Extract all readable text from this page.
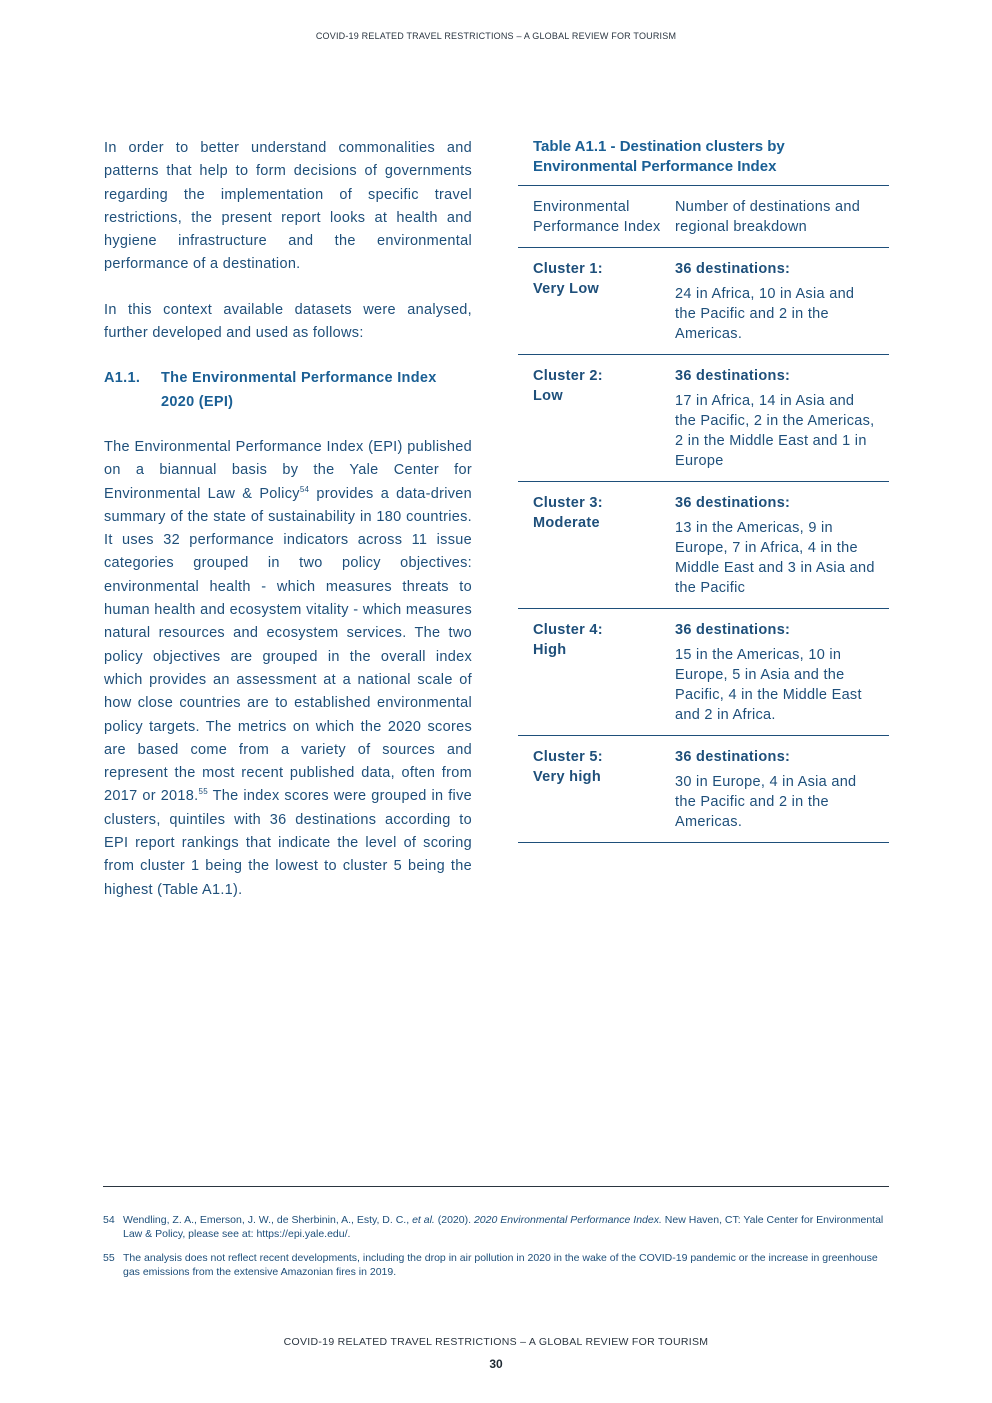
COVID-19 RELATED TRAVEL RESTRICTIONS – A GLOBAL REVIEW FOR TOURISM

In order to better understand commonalities and patterns that help to form decisions of governments regarding the implementation of specific travel restrictions, the present report looks at health and hygiene infrastructure and the environmental performance of a destination.

In this context available datasets were analysed, further developed and used as follows:

A1.1.	The Environmental Performance Index 2020 (EPI)

The Environmental Performance Index (EPI) published on a biannual basis by the Yale Center for Environmental Law & Policy$^{54}$ provides a data-driven summary of the state of sustainability in 180 countries. It uses 32 performance indicators across 11 issue categories grouped in two policy objectives: environmental health - which measures threats to human health and ecosystem vitality - which measures natural resources and ecosystem services. The two policy objectives are grouped in the overall index which provides an assessment at a national scale of how close countries are to established environmental policy targets. The metrics on which the 2020 scores are based come from a variety of sources and represent the most recent published data, often from 2017 or 2018.55 The index scores were grouped in five clusters, quintiles with 36 destinations according to EPI report rankings that indicate the level of scoring from cluster 1 being the lowest to cluster 5 being the highest (Table A1.1).

Table A1.1 - Destination clusters by Environmental Performance Index
Environmental Performance Index	Number of destinations and regional breakdown
Cluster 1:
Very Low	36 destinations:
24 in Africa, 10 in Asia and the Pacific and 2 in the Americas.
Cluster 2:
Low	36 destinations:
17 in Africa, 14 in Asia and the Pacific, 2 in the Americas, 2 in the Middle East and 1 in Europe
Cluster 3:
Moderate	36 destinations:
13 in the Americas, 9 in Europe, 7 in Africa, 4 in the Middle East and 3 in Asia and the Pacific
Cluster 4:
High	36 destinations:
15 in the Americas, 10 in Europe, 5 in Asia and the Pacific, 4 in the Middle East and 2 in Africa.
Cluster 5:
Very high	36 destinations:
30 in Europe, 4 in Asia and the Pacific and 2 in the Americas.
54 Wendling, Z. A., Emerson, J. W., de Sherbinin, A., Esty, D. C., et al. (2020). 2020 Environmental Performance Index. New Haven, CT: Yale Center for Environmental Law & Policy, please see at: https://epi.yale.edu/.
55 The analysis does not reflect recent developments, including the drop in air pollution in 2020 in the wake of the COVID-19 pandemic or the increase in greenhouse gas emissions from the extensive Amazonian fires in 2019.
COVID-19 RELATED TRAVEL RESTRICTIONS – A GLOBAL REVIEW FOR TOURISM
30
